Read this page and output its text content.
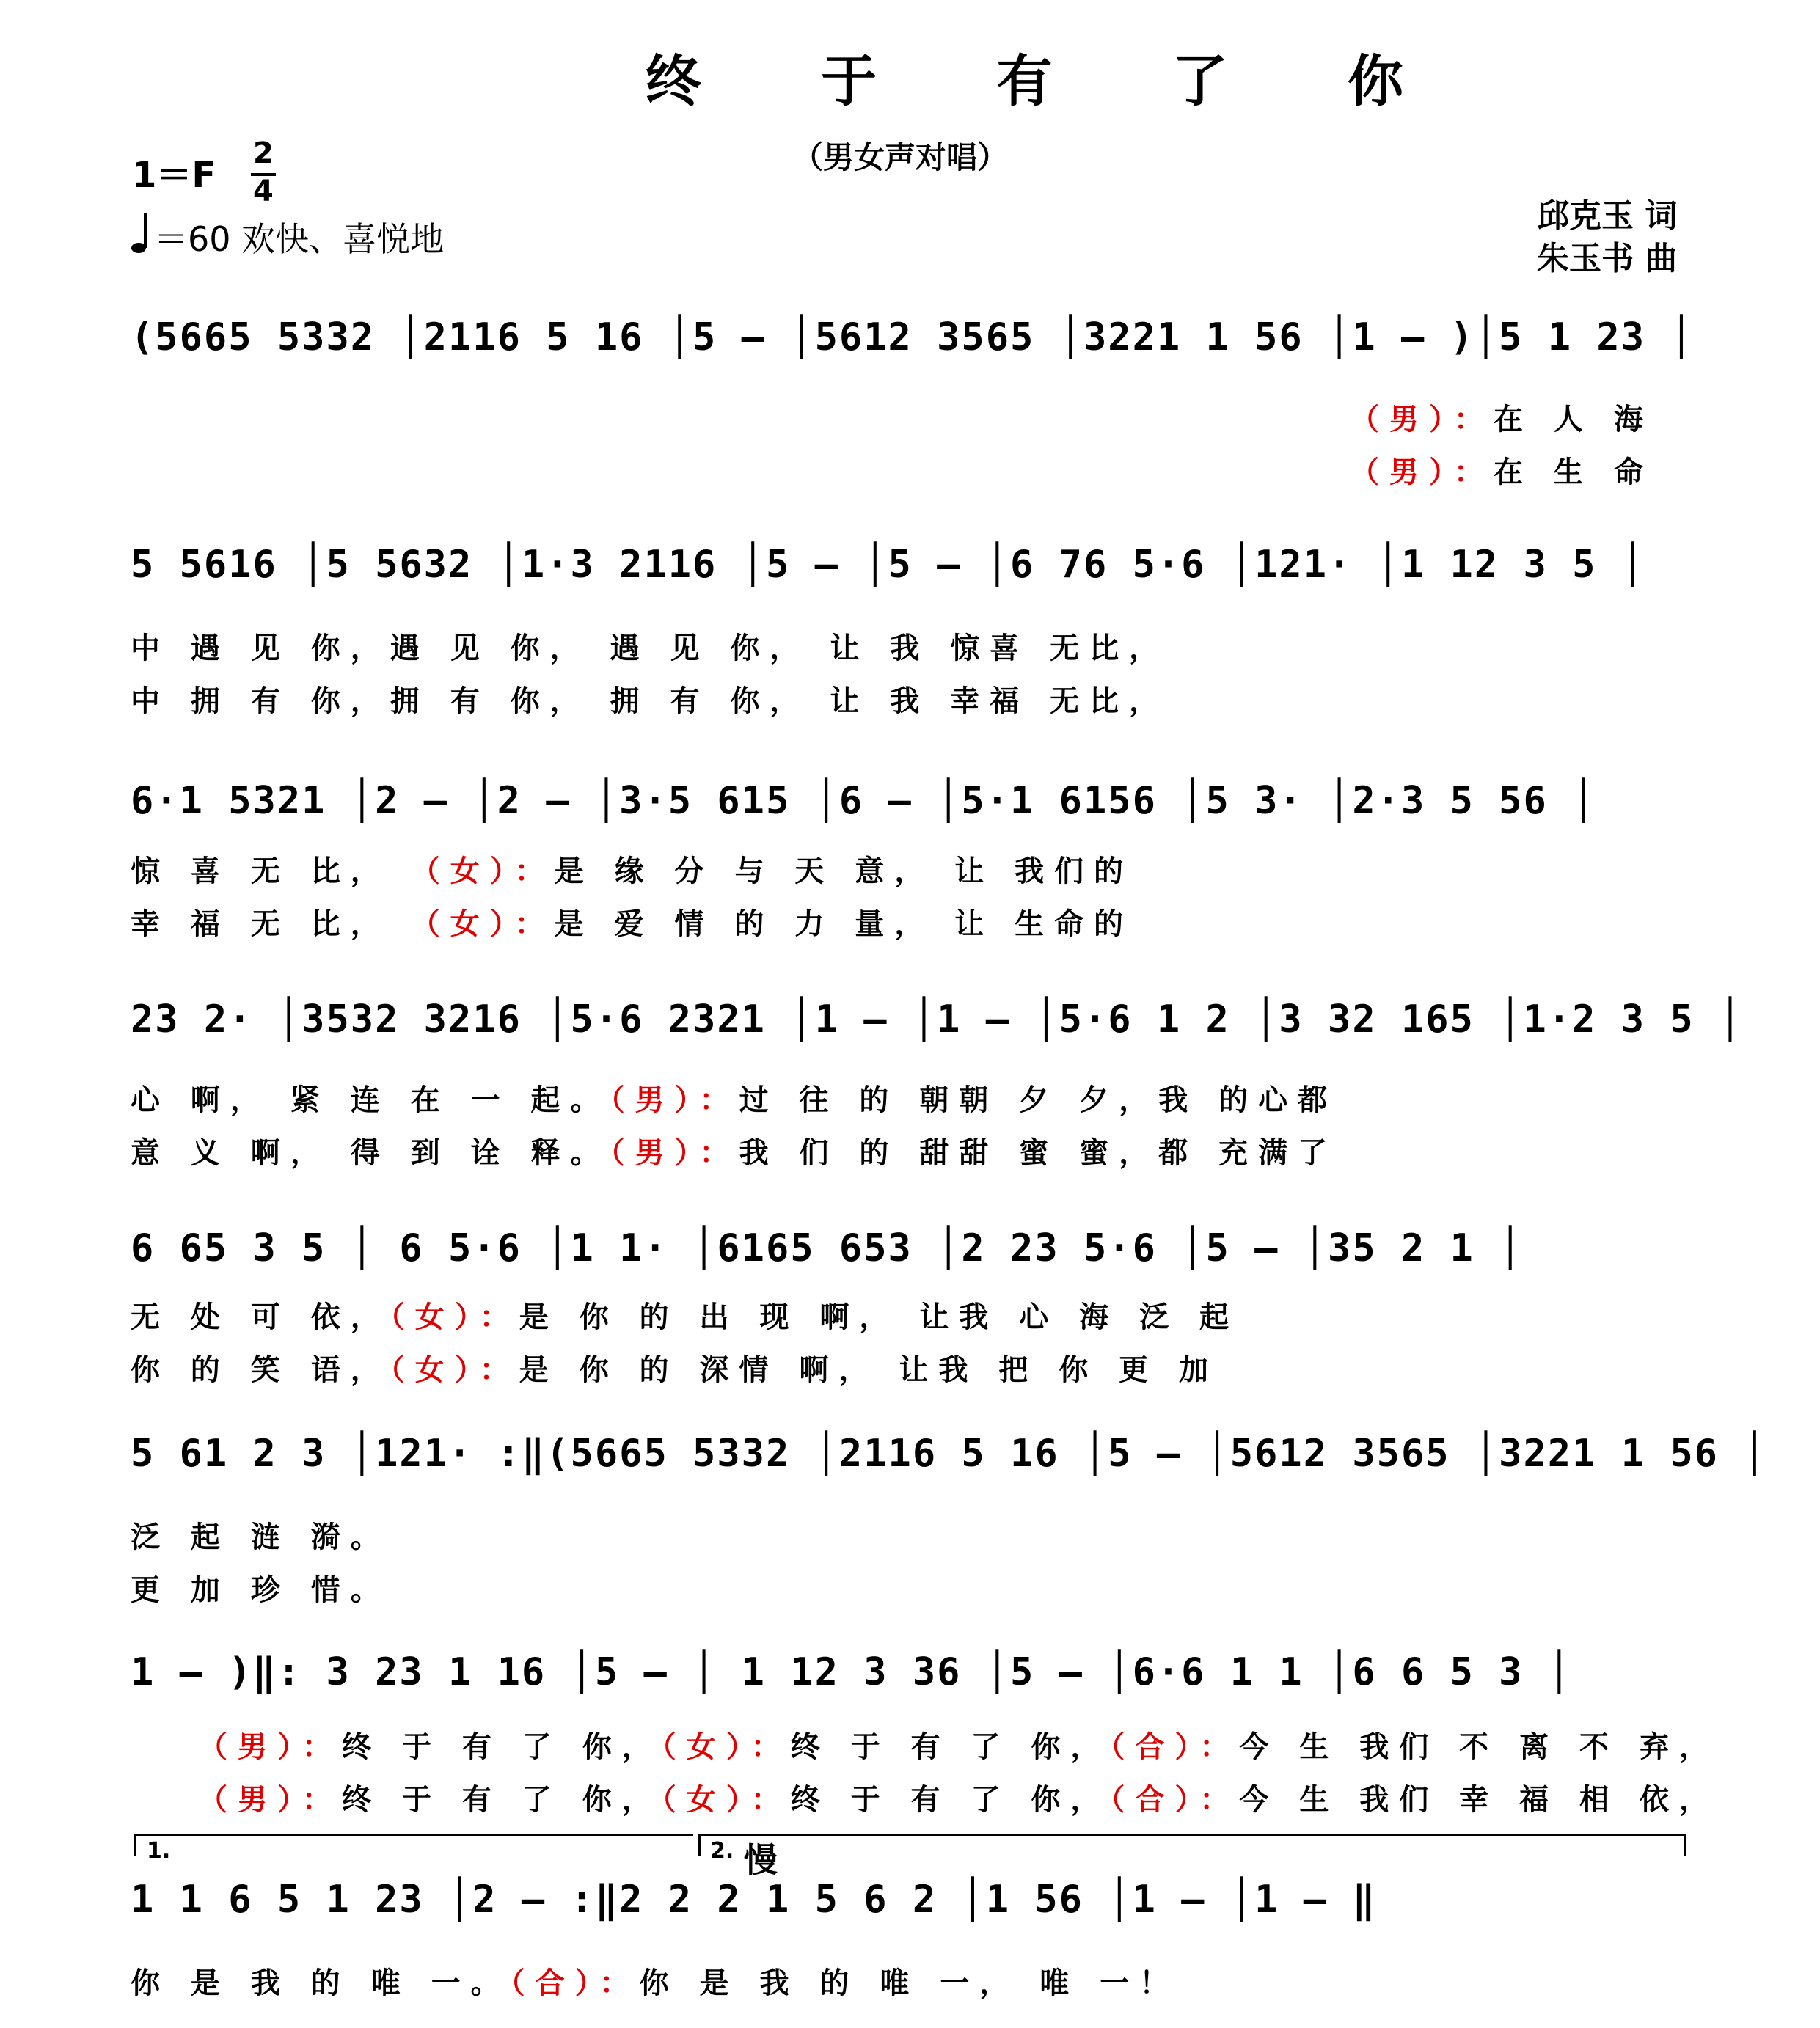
终 于 有 了 你
（男女声对唱）
1＝F
2
4
＝60 欢快、喜悦地
邱克玉 词
朱玉书 曲
(5665 5332 │2116 5 16 │5 – │5612 3565 │3221 1 56 │1 – )│5 1 23 │
（男）：在 人 海
（男）：在 生 命
5 5616 │5 5632 │1·3 2116 │5 – │5 – │6 76 5·6 │121· │1 12 3 5 │
中 遇 见 你，遇 见 你， 遇 见 你， 让 我 惊喜 无比，
中 拥 有 你，拥 有 你， 拥 有 你， 让 我 幸福 无比，
6·1 5321 │2 – │2 – │3·5 615 │6 – │5·1 6156 │5 3· │2·3 5 56 │
惊 喜 无 比， （女）：是 缘 分 与 天 意， 让 我们的
幸 福 无 比， （女）：是 爱 情 的 力 量， 让 生命的
23 2· │3532 3216 │5·6 2321 │1 – │1 – │5·6 1 2 │3 32 165 │1·2 3 5 │
心 啊， 紧 连 在 一 起。（男）：过 往 的 朝朝 夕 夕，我 的心都
意 义 啊， 得 到 诠 释。（男）：我 们 的 甜甜 蜜 蜜，都 充满了
6 65 3 5 │ 6 5·6 │1 1· │6165 653 │2 23 5·6 │5 – │35 2 1 │
无 处 可 依，（女）：是 你 的 出 现 啊， 让我 心 海 泛 起
你 的 笑 语，（女）：是 你 的 深情 啊， 让我 把 你 更 加
5 61 2 3 │121· :‖(5665 5332 │2116 5 16 │5 – │5612 3565 │3221 1 56 │
泛 起 涟 漪。
更 加 珍 惜。
1 – )‖: 3 23 1 16 │5 – │ 1 12 3 36 │5 – │6·6 1 1 │6 6 5 3 │
（男）：终 于 有 了 你，（女）：终 于 有 了 你，（合）：今 生 我们 不 离 不 弃，
（男）：终 于 有 了 你，（女）：终 于 有 了 你，（合）：今 生 我们 幸 福 相 依，
1.	2. 慢
1 1 6 5 1 23 │2 – :‖2 2 2 1 5 6 2 │1 56 │1 – │1 – ‖
你 是 我 的 唯 一。（合）：你 是 我 的 唯 一， 唯 一！
